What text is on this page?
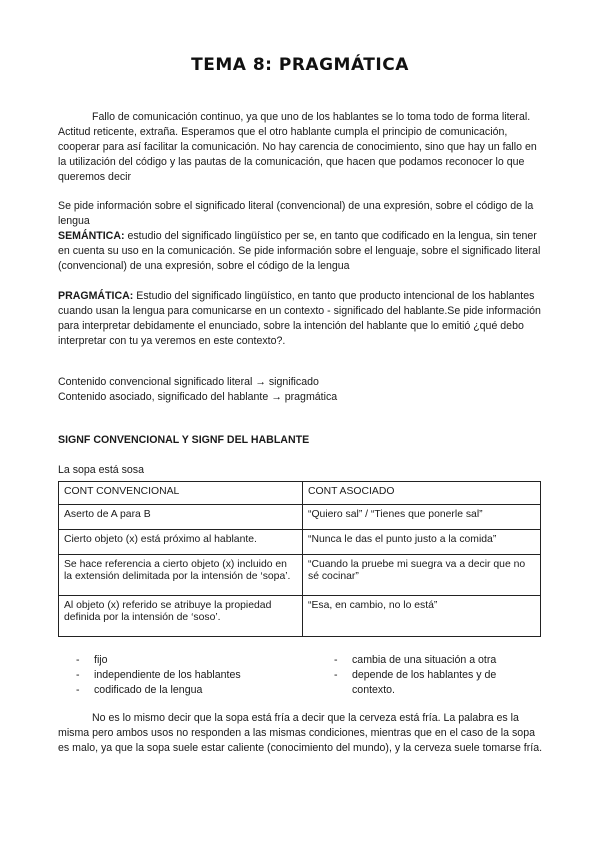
TEMA 8: PRAGMÁTICA

Fallo de comunicación continuo, ya que uno de los hablantes se lo toma todo de forma literal. Actitud reticente, extraña. Esperamos que el otro hablante cumpla el principio de comunicación, cooperar para así facilitar la comunicación. No hay carencia de conocimiento, sino que hay un fallo en la utilización del código y las pautas de la comunicación, que hacen que podamos reconocer lo que queremos decir

Se pide información sobre el significado literal (convencional) de una expresión, sobre el código de la lengua

SEMÁNTICA: estudio del significado lingüístico per se, en tanto que codificado en la lengua, sin tener en cuenta su uso en la comunicación. Se pide información sobre el lenguaje, sobre el significado literal (convencional) de una expresión, sobre el código de la lengua

PRAGMÁTICA: Estudio del significado lingüístico, en tanto que producto intencional de los hablantes cuando usan la lengua para comunicarse en un contexto - significado del hablante.Se pide información para interpretar debidamente el enunciado, sobre la intención del hablante que lo emitió ¿qué debo interpretar con tu ya veremos en este contexto?.

Contenido convencional significado literal → significado
Contenido asociado, significado del hablante → pragmática
SIGNF CONVENCIONAL Y SIGNF DEL HABLANTE
La sopa está sosa
CONT CONVENCIONAL	CONT ASOCIADO
Aserto de A para B	“Quiero sal” / “Tienes que ponerle sal”
Cierto objeto (x) está próximo al hablante.	“Nunca le das el punto justo a la comida”
Se hace referencia a cierto objeto (x) incluido en la extensión delimitada por la intensión de ‘sopa’.	“Cuando la pruebe mi suegra va a decir que no sé cocinar”
Al objeto (x) referido se atribuye la propiedad definida por la intensión de ‘soso’.	“Esa, en cambio, no lo está”
- fijo
- independiente de los hablantes
- codificado de la lengua
- cambia de una situación a otra
- depende de los hablantes y de contexto.

No es lo mismo decir que la sopa está fría a decir que la cerveza está fría. La palabra es la misma pero ambos usos no responden a las mismas condiciones, mientras que en el caso de la sopa es malo, ya que la sopa suele estar caliente (conocimiento del mundo), y la cerveza suele tomarse fría.
